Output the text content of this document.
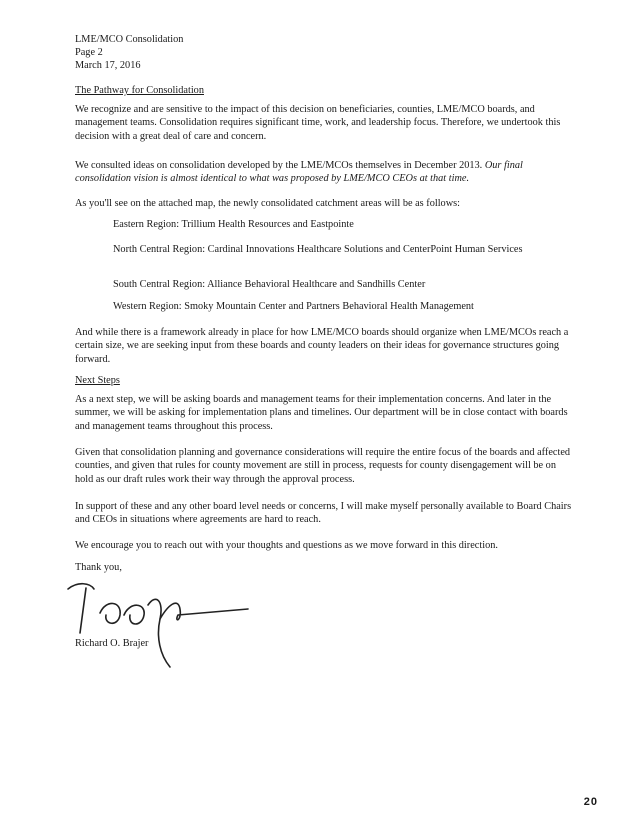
LME/MCO Consolidation
Page 2
March 17, 2016
The Pathway for Consolidation

We recognize and are sensitive to the impact of this decision on beneficiaries, counties, LME/MCO boards, and management teams. Consolidation requires significant time, work, and leadership focus. Therefore, we undertook this decision with a great deal of care and concern.

We consulted ideas on consolidation developed by the LME/MCOs themselves in December 2013. Our final consolidation vision is almost identical to what was proposed by LME/MCO CEOs at that time.

As you'll see on the attached map, the newly consolidated catchment areas will be as follows:

Eastern Region: Trillium Health Resources and Eastpointe
North Central Region: Cardinal Innovations Healthcare Solutions and CenterPoint Human Services
South Central Region: Alliance Behavioral Healthcare and Sandhills Center
Western Region: Smoky Mountain Center and Partners Behavioral Health Management

And while there is a framework already in place for how LME/MCO boards should organize when LME/MCOs reach a certain size, we are seeking input from these boards and county leaders on their ideas for governance structures going forward.

Next Steps

As a next step, we will be asking boards and management teams for their implementation concerns. And later in the summer, we will be asking for implementation plans and timelines. Our department will be in close contact with boards and management teams throughout this process.

Given that consolidation planning and governance considerations will require the entire focus of the boards and affected counties, and given that rules for county movement are still in process, requests for county disengagement will be on hold as our draft rules work their way through the approval process.

In support of these and any other board level needs or concerns, I will make myself personally available to Board Chairs and CEOs in situations where agreements are hard to reach.

We encourage you to reach out with your thoughts and questions as we move forward in this direction.

Thank you,

Richard O. Brajer
20
